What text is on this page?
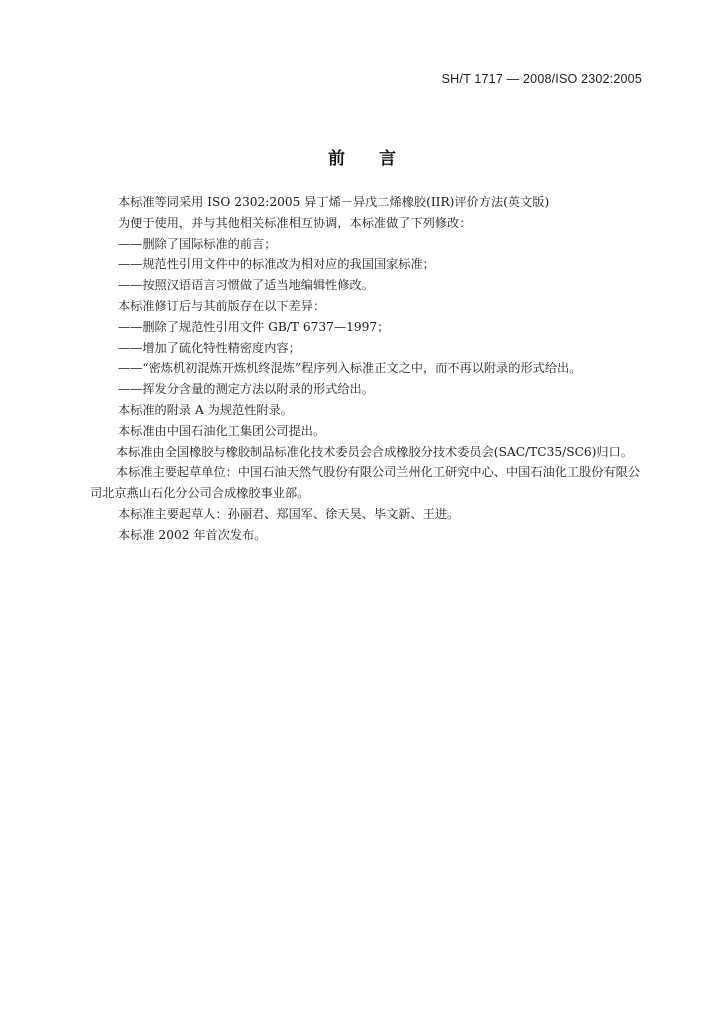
SH/T 1717 — 2008/ISO 2302:2005
前 言

本标准等同采用 ISO 2302:2005 异丁烯－异戊二烯橡胶(IIR)评价方法(英文版)

为便于使用，并与其他相关标准相互协调，本标准做了下列修改：

——删除了国际标准的前言；

——规范性引用文件中的标准改为相对应的我国国家标准；

——按照汉语语言习惯做了适当地编辑性修改。

本标准修订后与其前版存在以下差异：

——删除了规范性引用文件 GB/T 6737—1997；

——增加了硫化特性精密度内容；

——“密炼机初混炼开炼机终混炼”程序列入标准正文之中，而不再以附录的形式给出。

——挥发分含量的测定方法以附录的形式给出。

本标准的附录 A 为规范性附录。

本标准由中国石油化工集团公司提出。

本标准由全国橡胶与橡胶制品标准化技术委员会合成橡胶分技术委员会(SAC/TC35/SC6)归口。

本标准主要起草单位：中国石油天然气股份有限公司兰州化工研究中心、中国石油化工股份有限公司北京燕山石化分公司合成橡胶事业部。

本标准主要起草人：孙丽君、郑国军、徐天昊、毕文新、王进。

本标准 2002 年首次发布。
